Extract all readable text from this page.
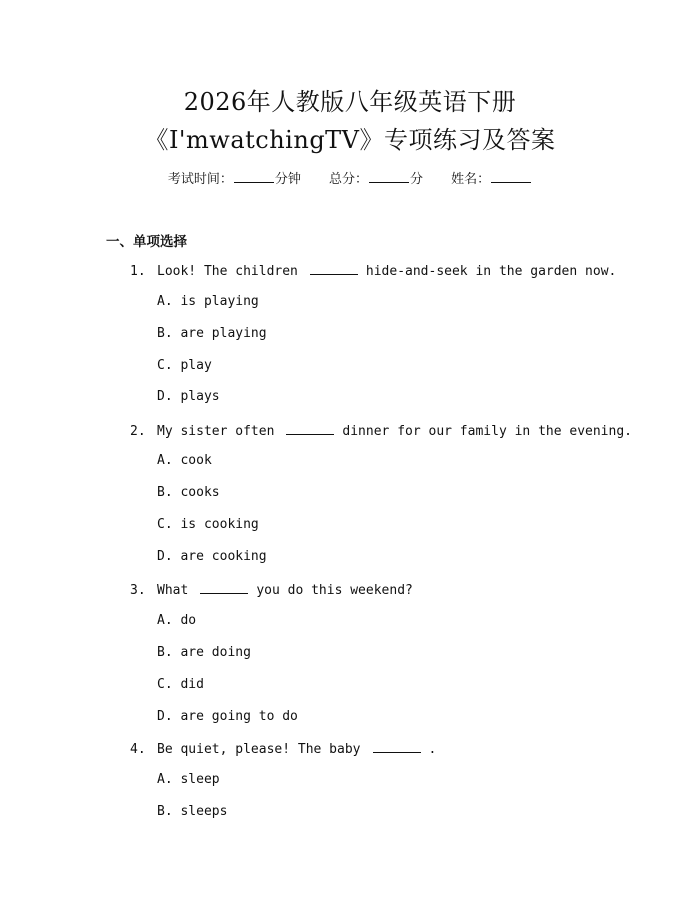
2026年人教版八年级英语下册
《I'mwatchingTV》专项练习及答案
考试时间：	分钟 总分：	分 姓名：
一、单项选择
1. Look! The children	hide-and-seek in the garden now.
A. is playing
B. are playing
C. play
D. plays
2. My sister often	dinner for our family in the evening.
A. cook
B. cooks
C. is cooking
D. are cooking
3. What	you do this weekend?
A. do
B. are doing
C. did
D. are going to do
4. Be quiet, please! The baby	.
A. sleep
B. sleeps
